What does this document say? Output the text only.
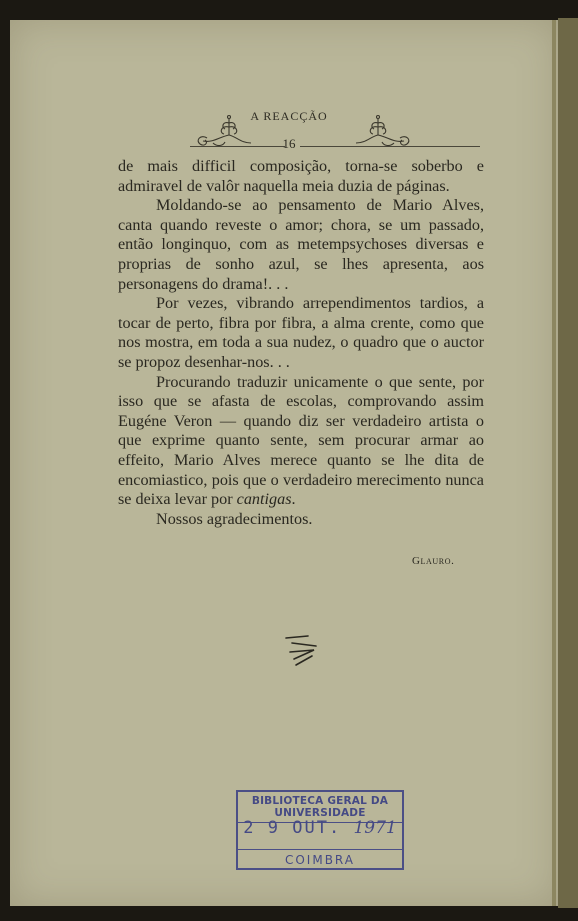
A REACÇÃO
16

de mais difficil composição, torna-se soberbo e admiravel de valôr naquella meia duzia de páginas.

Moldando-se ao pensamento de Mario Alves, canta quando reveste o amor; chora, se um passado, então longinquo, com as metempsychoses diversas e proprias de sonho azul, se lhes apresenta, aos personagens do drama!. . .

Por vezes, vibrando arrependimentos tardios, a tocar de perto, fibra por fibra, a alma crente, como que nos mostra, em toda a sua nudez, o quadro que o auctor se propoz desenhar-nos. . .

Procurando traduzir unicamente o que sente, por isso que se afasta de escolas, comprovando assim Eugéne Veron — quando diz ser verdadeiro artista o que exprime quanto sente, sem procurar armar ao effeito, Mario Alves merece quanto se lhe dita de encomiastico, pois que o verdadeiro merecimento nunca se deixa levar por cantigas.

Nossos agradecimentos.

Glauro.
BIBLIOTECA GERAL DA UNIVERSIDADE
2 9 OUT. 1971
COIMBRA
